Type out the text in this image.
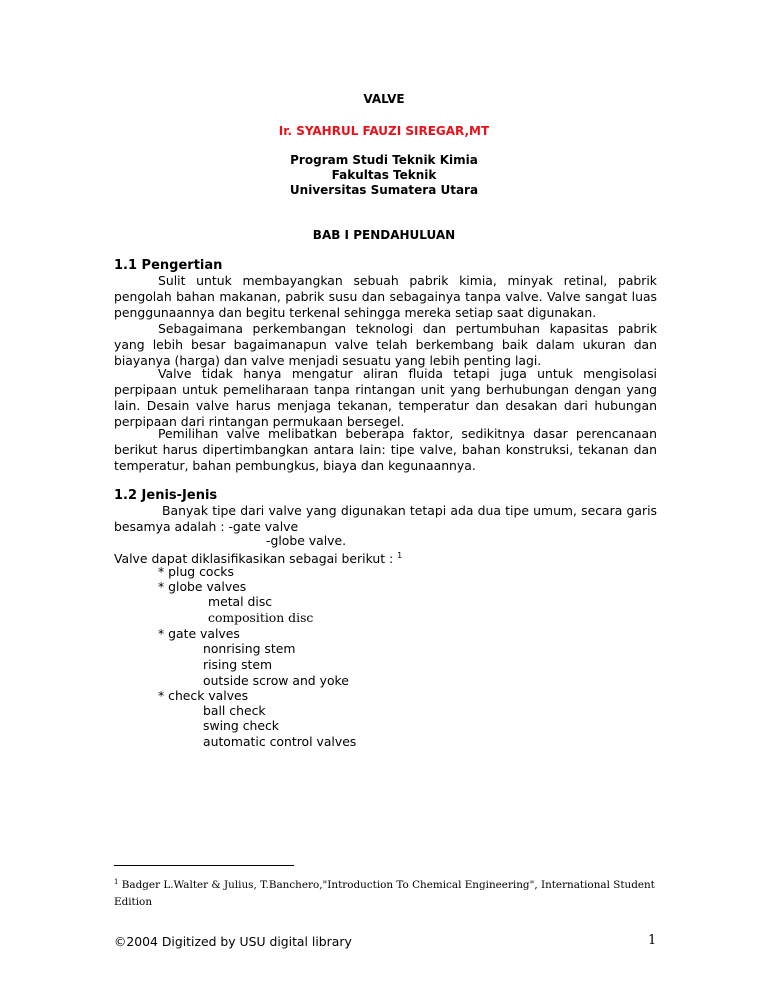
VALVE
Ir. SYAHRUL FAUZI SIREGAR,MT
Program Studi Teknik Kimia
Fakultas Teknik
Universitas Sumatera Utara
BAB I PENDAHULUAN
1.1 Pengertian
Sulit untuk membayangkan sebuah pabrik kimia, minyak retinal, pabrik pengolah bahan makanan, pabrik susu dan sebagainya tanpa valve. Valve sangat luas penggunaannya dan begitu terkenal sehingga mereka setiap saat digunakan.
Sebagaimana perkembangan teknologi dan pertumbuhan kapasitas pabrik yang lebih besar bagaimanapun valve telah berkembang baik dalam ukuran dan biayanya (harga) dan valve menjadi sesuatu yang lebih penting lagi.
Valve tidak hanya mengatur aliran fluida tetapi juga untuk mengisolasi perpipaan untuk pemeliharaan tanpa rintangan unit yang berhubungan dengan yang lain. Desain valve harus menjaga tekanan, temperatur dan desakan dari hubungan perpipaan dari rintangan permukaan bersegel.
Pemilihan valve melibatkan beberapa faktor, sedikitnya dasar perencanaan berikut harus dipertimbangkan antara lain: tipe valve, bahan konstruksi, tekanan dan temperatur, bahan pembungkus, biaya dan kegunaannya.
1.2 Jenis-Jenis
Banyak tipe dari valve yang digunakan tetapi ada dua tipe umum, secara garis besamya adalah : -gate valve
-globe valve.
Valve dapat diklasifikasikan sebagai berikut : $^1$
* plug cocks
* globe valves
metal disc
composition disc
* gate valves
nonrising stem
rising stem
outside scrow and yoke
* check valves
ball check
swing check
automatic control valves
$^1$ Badger L.Walter & Julius, T.Banchero,"Introduction To Chemical Engineering", International Student Edition
©2004 Digitized by USU digital library	1
